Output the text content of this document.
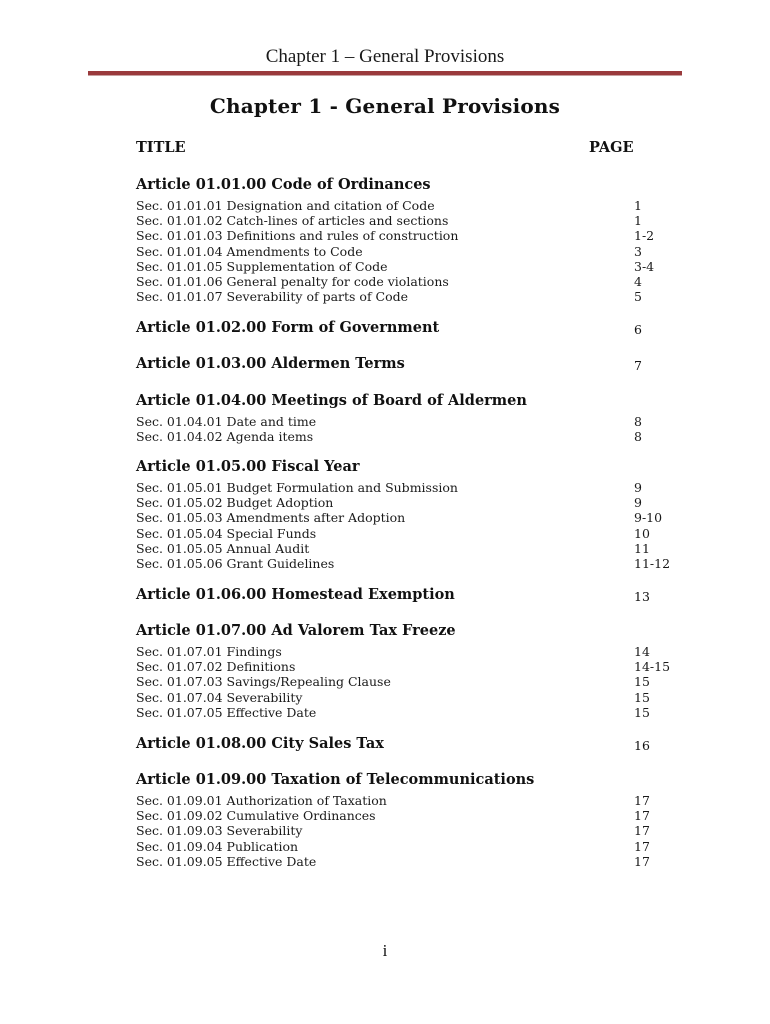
Chapter 1 – General Provisions
Chapter 1 - General Provisions
TITLE	PAGE
Article 01.01.00 Code of Ordinances
Sec. 01.01.01 Designation and citation of Code	1
Sec. 01.01.02 Catch-lines of articles and sections	1
Sec. 01.01.03 Definitions and rules of construction	1-2
Sec. 01.01.04 Amendments to Code	3
Sec. 01.01.05 Supplementation of Code	3-4
Sec. 01.01.06 General penalty for code violations	4
Sec. 01.01.07 Severability of parts of Code	5
Article 01.02.00 Form of Government	6
Article 01.03.00 Aldermen Terms	7
Article 01.04.00 Meetings of Board of Aldermen
Sec. 01.04.01 Date and time	8
Sec. 01.04.02 Agenda items	8
Article 01.05.00 Fiscal Year
Sec. 01.05.01 Budget Formulation and Submission	9
Sec. 01.05.02 Budget Adoption	9
Sec. 01.05.03 Amendments after Adoption	9-10
Sec. 01.05.04 Special Funds	10
Sec. 01.05.05 Annual Audit	11
Sec. 01.05.06 Grant Guidelines	11-12
Article 01.06.00 Homestead Exemption	13
Article 01.07.00 Ad Valorem Tax Freeze
Sec. 01.07.01 Findings	14
Sec. 01.07.02 Definitions	14-15
Sec. 01.07.03 Savings/Repealing Clause	15
Sec. 01.07.04 Severability	15
Sec. 01.07.05 Effective Date	15
Article 01.08.00 City Sales Tax	16
Article 01.09.00 Taxation of Telecommunications
Sec. 01.09.01 Authorization of Taxation	17
Sec. 01.09.02 Cumulative Ordinances	17
Sec. 01.09.03 Severability	17
Sec. 01.09.04 Publication	17
Sec. 01.09.05 Effective Date	17
i
